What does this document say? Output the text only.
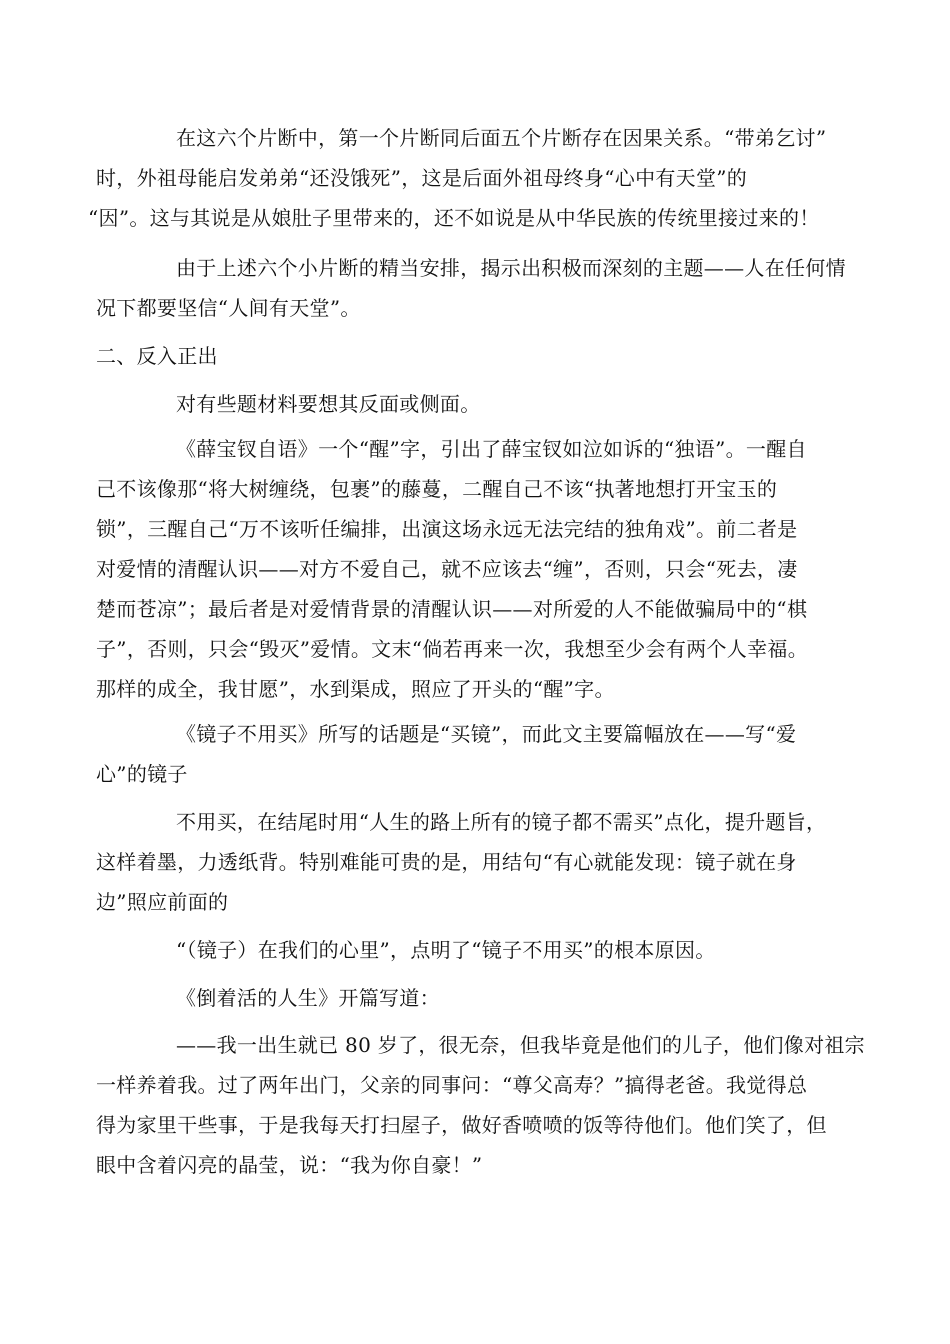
在这六个片断中，第一个片断同后面五个片断存在因果关系。“带弟乞讨”
时，外祖母能启发弟弟“还没饿死”，这是后面外祖母终身“心中有天堂”的
“因”。这与其说是从娘肚子里带来的，还不如说是从中华民族的传统里接过来的！
由于上述六个小片断的精当安排，揭示出积极而深刻的主题——人在任何情
况下都要坚信“人间有天堂”。
二、反入正出
对有些题材料要想其反面或侧面。
《薛宝钗自语》一个“醒”字，引出了薛宝钗如泣如诉的“独语”。一醒自
己不该像那“将大树缠绕，包裹”的藤蔓，二醒自己不该“执著地想打开宝玉的
锁”，三醒自己“万不该听任编排，出演这场永远无法完结的独角戏”。前二者是
对爱情的清醒认识——对方不爱自己，就不应该去“缠”，否则，只会“死去，凄
楚而苍凉”；最后者是对爱情背景的清醒认识——对所爱的人不能做骗局中的“棋
子”，否则，只会“毁灭”爱情。文末“倘若再来一次，我想至少会有两个人幸福。
那样的成全，我甘愿”，水到渠成，照应了开头的“醒”字。
《镜子不用买》所写的话题是“买镜”，而此文主要篇幅放在——写“爱
心”的镜子
不用买，在结尾时用“人生的路上所有的镜子都不需买”点化，提升题旨，
这样着墨，力透纸背。特别难能可贵的是，用结句“有心就能发现：镜子就在身
边”照应前面的
“（镜子）在我们的心里”，点明了“镜子不用买”的根本原因。
《倒着活的人生》开篇写道：
——我一出生就已 80 岁了，很无奈，但我毕竟是他们的儿子，他们像对祖宗
一样养着我。过了两年出门，父亲的同事问：“尊父高寿？”搞得老爸。我觉得总
得为家里干些事，于是我每天打扫屋子，做好香喷喷的饭等待他们。他们笑了，但
眼中含着闪亮的晶莹，说：“我为你自豪！”
